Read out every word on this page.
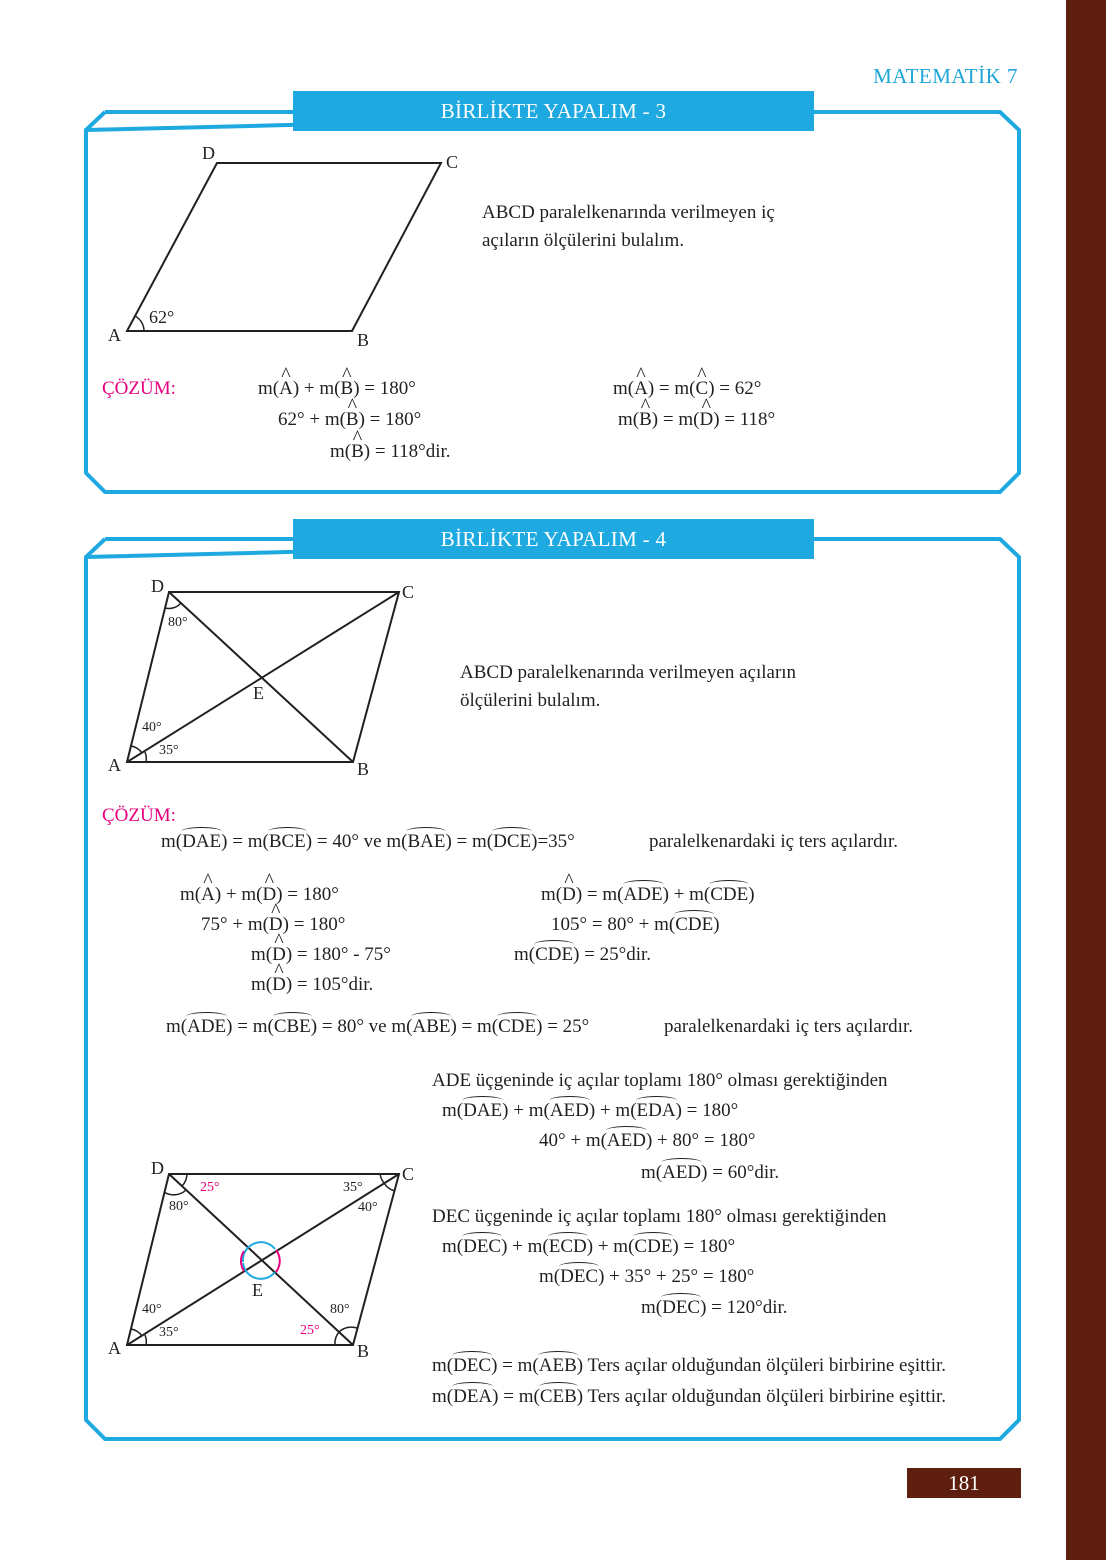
MATEMATİK 7
BİRLİKTE YAPALIM - 3
D	C
A	B
62°
ABCD paralelkenarında verilmeyen iç
açıların ölçülerini bulalım.
ÇÖZÜM:	m(^ A) + m(^ B) = 180°
62° + m(^ B) = 180°
m(^ B) = 118°dir.
m(^ A) = m(^ C) = 62°
m(^ B) = m(^ D) = 118°
BİRLİKTE YAPALIM - 4
D	C
A	B
E
80°
40°
35°
ABCD paralelkenarında verilmeyen açıların
ölçülerini bulalım.
ÇÖZÜM:
m(DAE) = m(BCE) = 40° ve m(BAE) = m(DCE)=35°	paralelkenardaki iç ters açılardır.
m(^ A) + m(^ D) = 180°
75° + m(^ D) = 180°
m(^ D) = 180° - 75°
m(^ D) = 105°dir.
m(^ D) = m(ADE) + m(CDE)
105° = 80° + m(CDE)
m(CDE) = 25°dir.
m(ADE) = m(CBE) = 80° ve m(ABE) = m(CDE) = 25°	paralelkenardaki iç ters açılardır.
D	C
A	B
E
25°
80°
35°
40°
40°
35°
80°
25°
ADE üçgeninde iç açılar toplamı 180° olması gerektiğinden
m(DAE) + m(AED) + m(EDA) = 180°
40° + m(AED) + 80° = 180°
m(AED) = 60°dir.
DEC üçgeninde iç açılar toplamı 180° olması gerektiğinden
m(DEC) + m(ECD) + m(CDE) = 180°
m(DEC) + 35° + 25° = 180°
m(DEC) = 120°dir.
m(DEC) = m(AEB) Ters açılar olduğundan ölçüleri birbirine eşittir.
m(DEA) = m(CEB) Ters açılar olduğundan ölçüleri birbirine eşittir.
181
